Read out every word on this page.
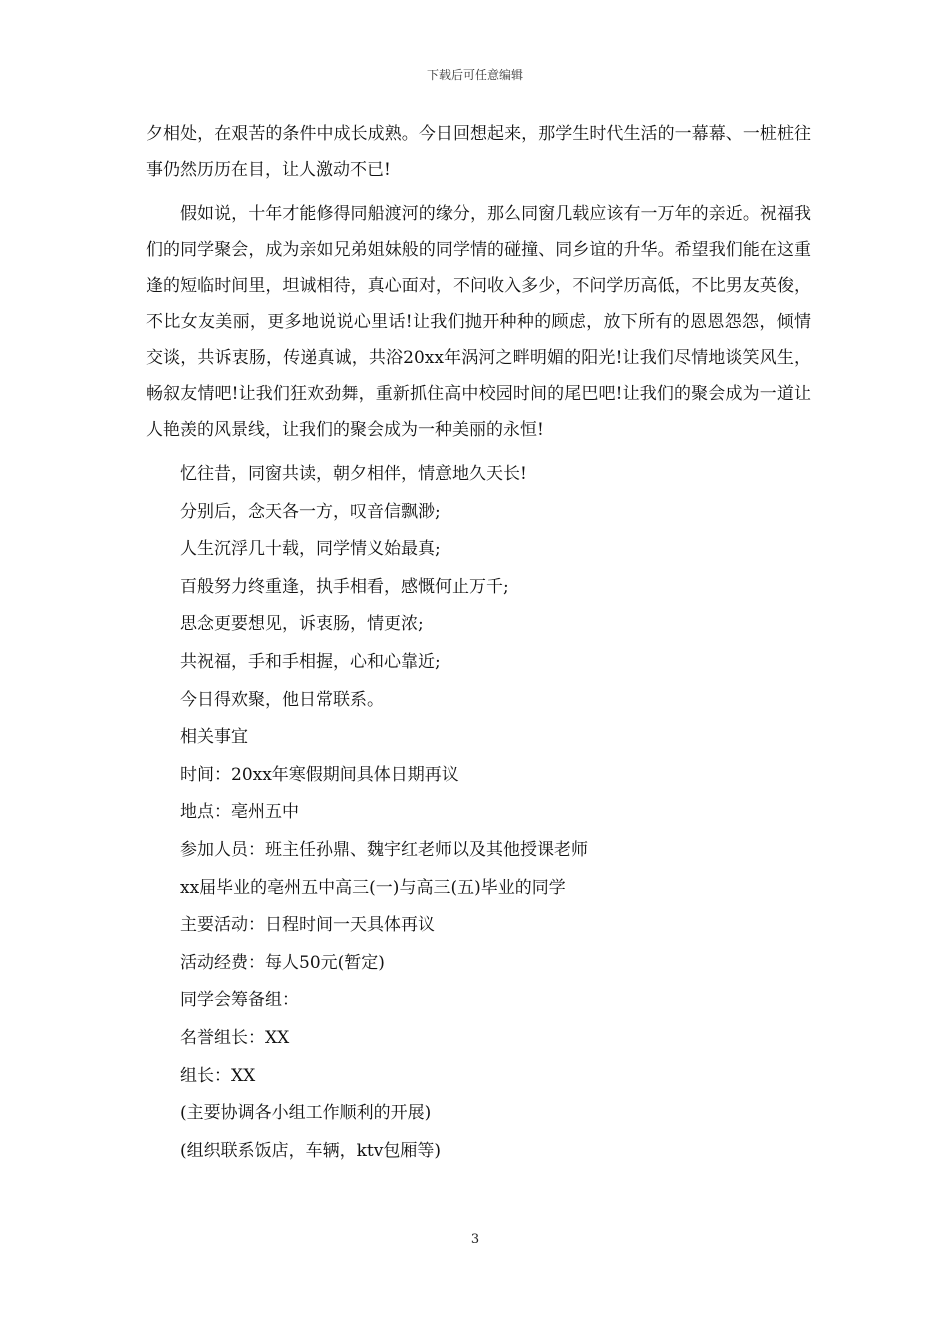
下载后可任意编辑

夕相处，在艰苦的条件中成长成熟。今日回想起来，那学生时代生活的一幕幕、一桩桩往事仍然历历在目，让人激动不已!

假如说，十年才能修得同船渡河的缘分，那么同窗几载应该有一万年的亲近。祝福我们的同学聚会，成为亲如兄弟姐妹般的同学情的碰撞、同乡谊的升华。希望我们能在这重逢的短临时间里，坦诚相待，真心面对，不问收入多少，不问学历高低，不比男友英俊，不比女友美丽，更多地说说心里话!让我们抛开种种的顾虑，放下所有的恩恩怨怨，倾情交谈，共诉衷肠，传递真诚，共浴20xx年涡河之畔明媚的阳光!让我们尽情地谈笑风生，畅叙友情吧!让我们狂欢劲舞，重新抓住高中校园时间的尾巴吧!让我们的聚会成为一道让人艳羡的风景线，让我们的聚会成为一种美丽的永恒!

忆往昔，同窗共读，朝夕相伴，情意地久天长!

分别后，念天各一方，叹音信飘渺;

人生沉浮几十载，同学情义始最真;

百般努力终重逢，执手相看，感慨何止万千;

思念更要想见，诉衷肠，情更浓;

共祝福，手和手相握，心和心靠近;

今日得欢聚，他日常联系。

相关事宜

时间：20xx年寒假期间具体日期再议

地点：亳州五中

参加人员：班主任孙鼎、魏宇红老师以及其他授课老师

xx届毕业的亳州五中高三(一)与高三(五)毕业的同学

主要活动：日程时间一天具体再议

活动经费：每人50元(暂定)

同学会筹备组：

名誉组长：XX

组长：XX

(主要协调各小组工作顺利的开展)

(组织联系饭店，车辆，ktv包厢等)

3
